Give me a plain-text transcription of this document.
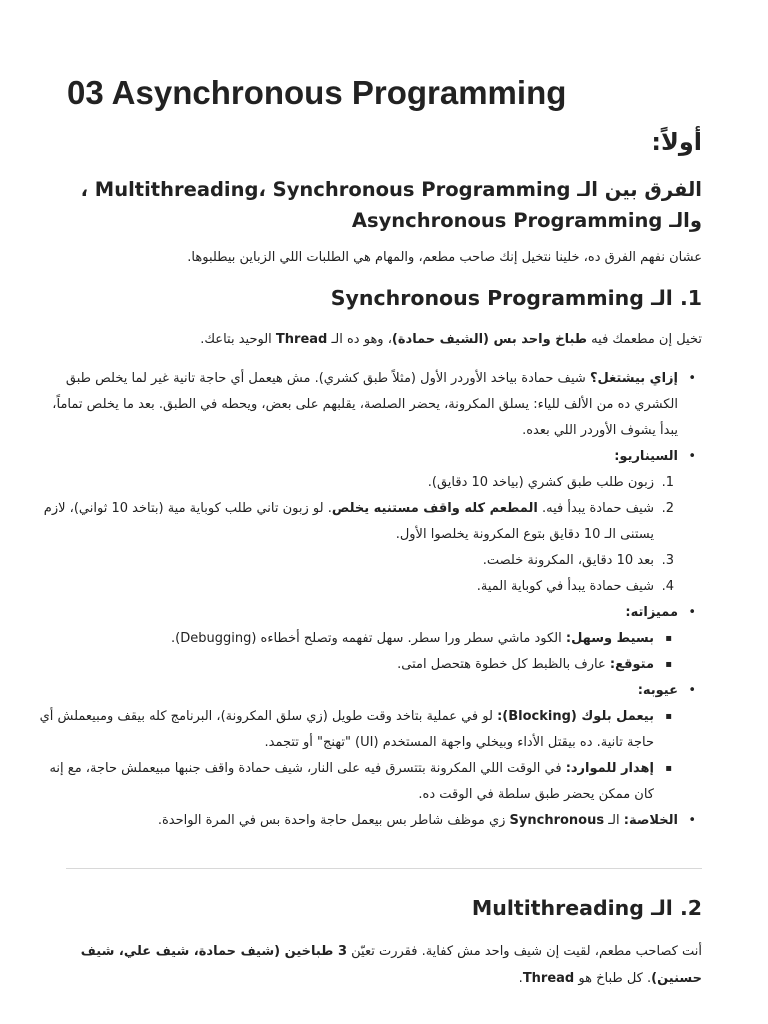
03 Asynchronous Programming
أولاً:
الفرق بين الـ Multithreading، Synchronous Programming ، والـ Asynchronous Programming
عشان نفهم الفرق ده، خلينا نتخيل إنك صاحب مطعم، والمهام هي الطلبات اللي الزباين بيطلبوها.
1. الـ Synchronous Programming

تخيل إن مطعمك فيه طباخ واحد بس (الشيف حمادة)، وهو ده الـ Thread الوحيد بتاعك.

• إزاي بيشتغل؟ شيف حمادة بياخد الأوردر الأول (مثلاً طبق كشري). مش هيعمل أي حاجة تانية غير لما يخلص طبق الكشري ده من الألف للياء: يسلق المكرونة، يحضر الصلصة، يقلبهم على بعض، ويحطه في الطبق. بعد ما يخلص تماماً، يبدأ يشوف الأوردر اللي بعده.
• السيناريو:
1.
زبون طلب طبق كشري (بياخد 10 دقايق).
2.
شيف حمادة يبدأ فيه. المطعم كله واقف مستنيه يخلص. لو زبون تاني طلب كوباية مية (بتاخد 10 ثواني)، لازم يستنى الـ 10 دقايق بتوع المكرونة يخلصوا الأول.
3.
بعد 10 دقايق، المكرونة خلصت.
4.
شيف حمادة يبدأ في كوباية المية.
• مميزاته:
▪ بسيط وسهل: الكود ماشي سطر ورا سطر. سهل تفهمه وتصلح أخطاءه (Debugging).
▪ متوقع: عارف بالظبط كل خطوة هتحصل امتى.
• عيوبه:
▪ بيعمل بلوك (Blocking): لو في عملية بتاخد وقت طويل (زي سلق المكرونة)، البرنامج كله بيقف ومبيعملش أي حاجة تانية. ده بيقتل الأداء وبيخلي واجهة المستخدم (UI) "تهنج" أو تتجمد.
▪ إهدار للموارد: في الوقت اللي المكرونة بتتسرق فيه على النار، شيف حمادة واقف جنبها مبيعملش حاجة، مع إنه كان ممكن يحضر طبق سلطة في الوقت ده.
• الخلاصة: الـ Synchronous زي موظف شاطر بس بيعمل حاجة واحدة بس في المرة الواحدة.
2. الـ Multithreading

أنت كصاحب مطعم، لقيت إن شيف واحد مش كفاية. فقررت تعيّن 3 طباخين (شيف حمادة، شيف علي، شيف حسنين). كل طباخ هو Thread.
